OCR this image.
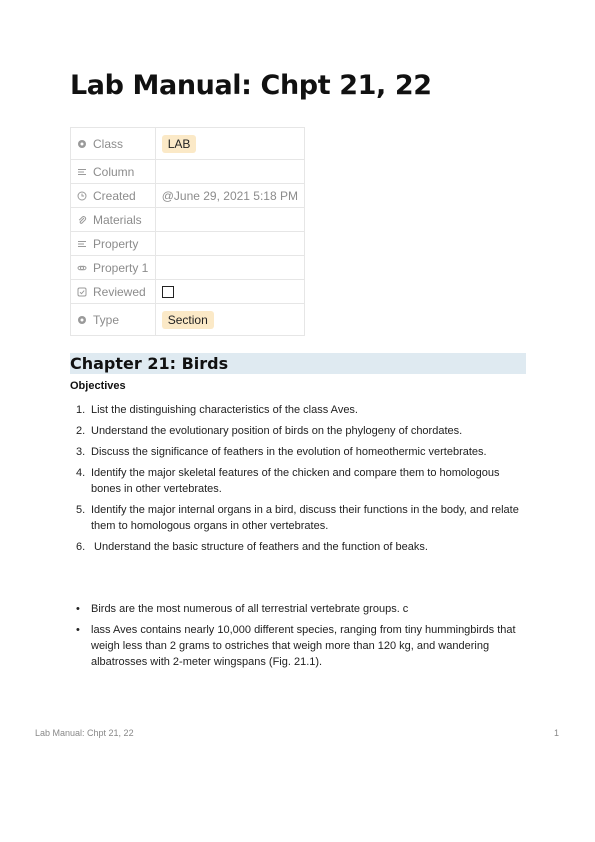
Lab Manual: Chpt 21, 22
Class	LAB
Column	
Created	@June 29, 2021 5:18 PM
Materials	
Property	
Property 1	
Reviewed	
Type	Section
Chapter 21: Birds
Objectives
1. List the distinguishing characteristics of the class Aves.
2. Understand the evolutionary position of birds on the phylogeny of chordates.
3. Discuss the significance of feathers in the evolution of homeothermic vertebrates.
4. Identify the major skeletal features of the chicken and compare them to homologous bones in other vertebrates.
5. Identify the major internal organs in a bird, discuss their functions in the body, and relate them to homologous organs in other vertebrates.
6. Understand the basic structure of feathers and the function of beaks.
• Birds are the most numerous of all terrestrial vertebrate groups. c
• lass Aves contains nearly 10,000 different species, ranging from tiny hummingbirds that weigh less than 2 grams to ostriches that weigh more than 120 kg, and wandering albatrosses with 2-meter wingspans (Fig. 21.1).
Lab Manual: Chpt 21, 22	1
